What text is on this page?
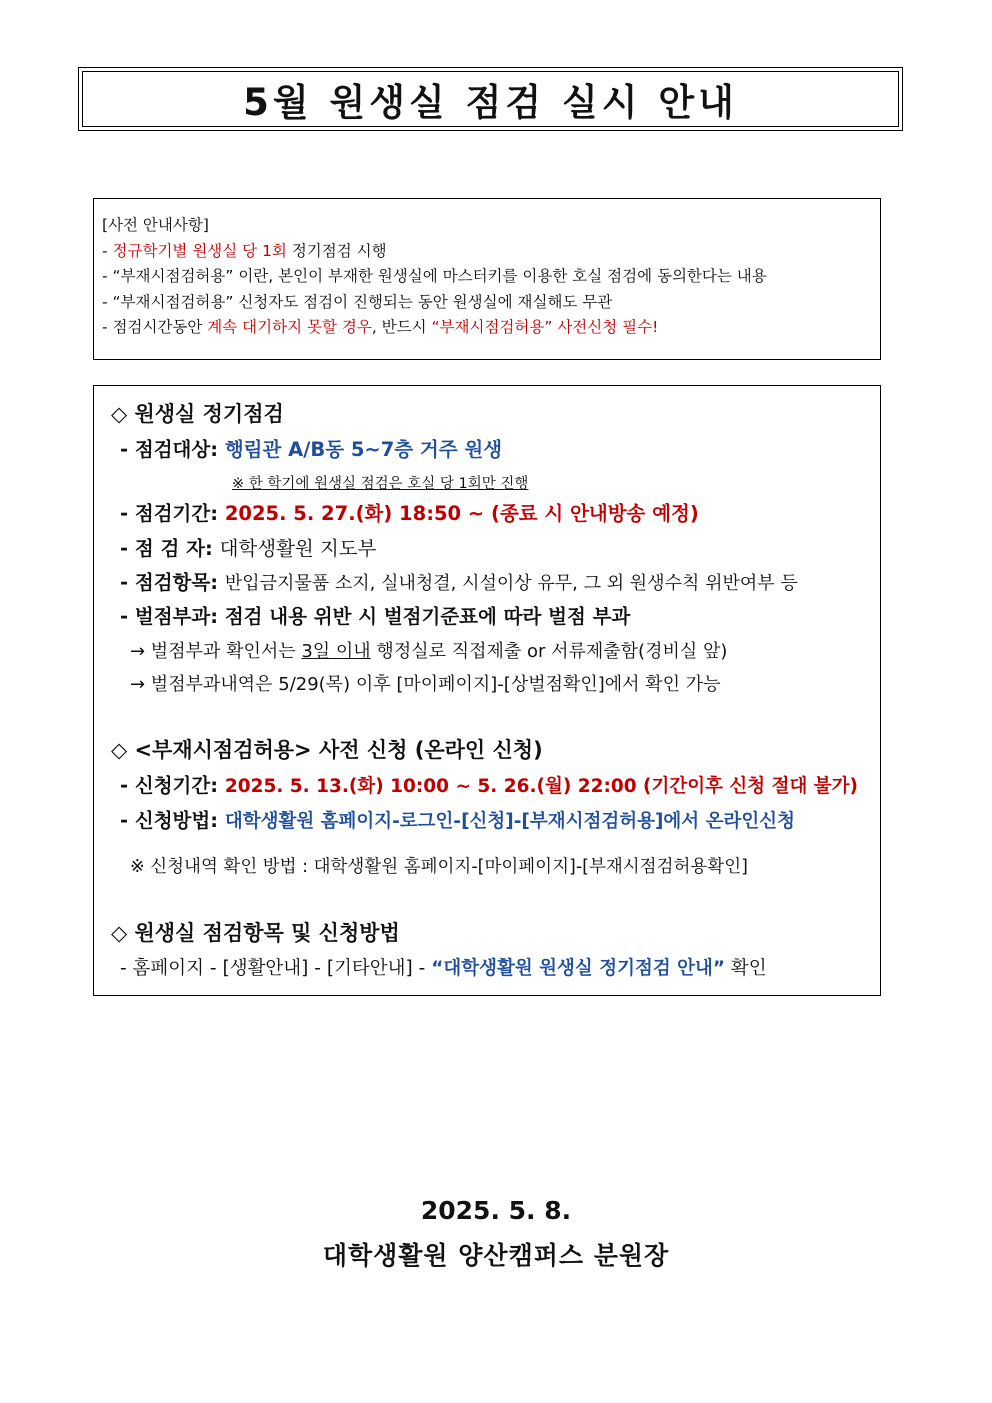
5월 원생실 점검 실시 안내
[사전 안내사항]
- 정규학기별 원생실 당 1회 정기점검 시행
- “부재시점검허용” 이란, 본인이 부재한 원생실에 마스터키를 이용한 호실 점검에 동의한다는 내용
- “부재시점검허용” 신청자도 점검이 진행되는 동안 원생실에 재실해도 무관
- 점검시간동안 계속 대기하지 못할 경우, 반드시 “부재시점검허용” 사전신청 필수!
◇ 원생실 정기점검
- 점검대상: 행림관 A/B동 5~7층 거주 원생
※ 한 학기에 원생실 점검은 호실 당 1회만 진행
- 점검기간: 2025. 5. 27.(화) 18:50 ~ (종료 시 안내방송 예정)
- 점 검 자: 대학생활원 지도부
- 점검항목: 반입금지물품 소지, 실내청결, 시설이상 유무, 그 외 원생수칙 위반여부 등
- 벌점부과: 점검 내용 위반 시 벌점기준표에 따라 벌점 부과
→ 벌점부과 확인서는 3일 이내 행정실로 직접제출 or 서류제출함(경비실 앞)
→ 벌점부과내역은 5/29(목) 이후 [마이페이지]-[상벌점확인]에서 확인 가능
◇ <부재시점검허용> 사전 신청 (온라인 신청)
- 신청기간: 2025. 5. 13.(화) 10:00 ~ 5. 26.(월) 22:00 (기간이후 신청 절대 불가)
- 신청방법: 대학생활원 홈페이지-로그인-[신청]-[부재시점검허용]에서 온라인신청
※ 신청내역 확인 방법 : 대학생활원 홈페이지-[마이페이지]-[부재시점검허용확인]
◇ 원생실 점검항목 및 신청방법
- 홈페이지 - [생활안내] - [기타안내] - “대학생활원 원생실 정기점검 안내” 확인
2025. 5. 8.
대학생활원 양산캠퍼스 분원장
